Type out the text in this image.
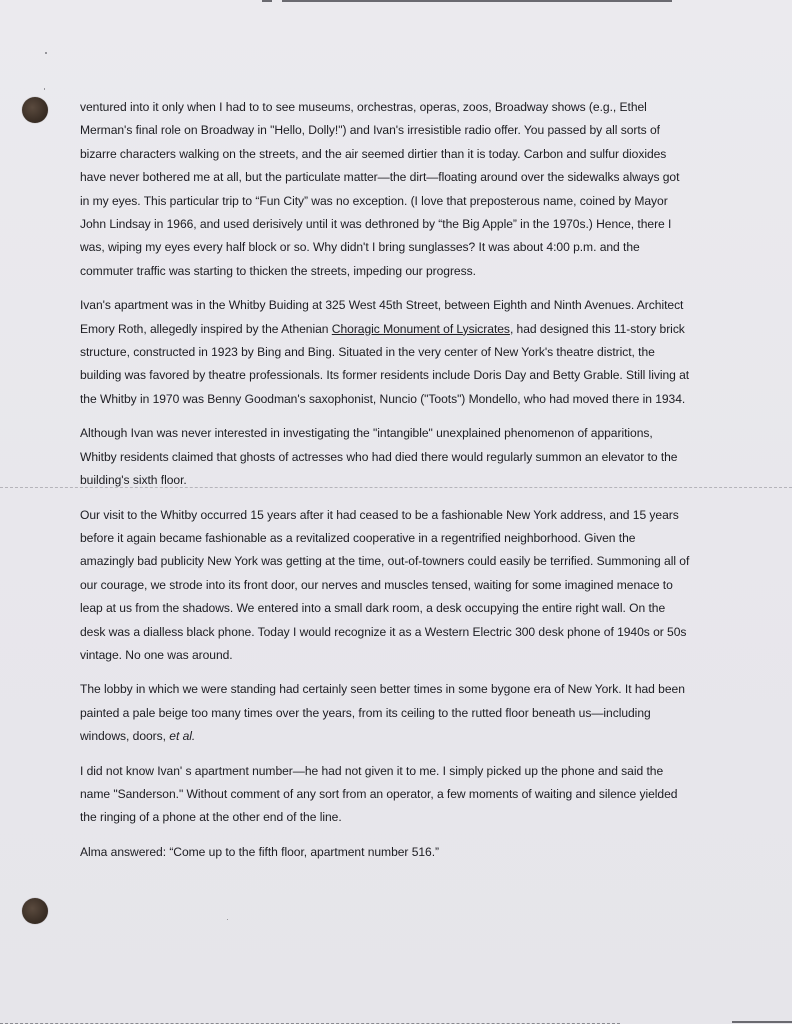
ventured into it only when I had to to see museums, orchestras, operas, zoos, Broadway shows (e.g., Ethel Merman's final role on Broadway in "Hello, Dolly!") and Ivan's irresistible radio offer. You passed by all sorts of bizarre characters walking on the streets, and the air seemed dirtier than it is today. Carbon and sulfur dioxides have never bothered me at all, but the particulate matter—the dirt—floating around over the sidewalks always got in my eyes. This particular trip to “Fun City” was no exception. (I love that preposterous name, coined by Mayor John Lindsay in 1966, and used derisively until it was dethroned by “the Big Apple” in the 1970s.) Hence, there I was, wiping my eyes every half block or so. Why didn't I bring sunglasses? It was about 4:00 p.m. and the commuter traffic was starting to thicken the streets, impeding our progress.

Ivan's apartment was in the Whitby Buiding at 325 West 45th Street, between Eighth and Ninth Avenues. Architect Emory Roth, allegedly inspired by the Athenian Choragic Monument of Lysicrates, had designed this 11-story brick structure, constructed in 1923 by Bing and Bing. Situated in the very center of New York's theatre district, the building was favored by theatre professionals. Its former residents include Doris Day and Betty Grable. Still living at the Whitby in 1970 was Benny Goodman's saxophonist, Nuncio ("Toots") Mondello, who had moved there in 1934.

Although Ivan was never interested in investigating the "intangible" unexplained phenomenon of apparitions, Whitby residents claimed that ghosts of actresses who had died there would regularly summon an elevator to the building's sixth floor.

Our visit to the Whitby occurred 15 years after it had ceased to be a fashionable New York address, and 15 years before it again became fashionable as a revitalized cooperative in a regentrified neighborhood. Given the amazingly bad publicity New York was getting at the time, out-of-towners could easily be terrified. Summoning all of our courage, we strode into its front door, our nerves and muscles tensed, waiting for some imagined menace to leap at us from the shadows. We entered into a small dark room, a desk occupying the entire right wall. On the desk was a dialless black phone. Today I would recognize it as a Western Electric 300 desk phone of 1940s or 50s vintage. No one was around.

The lobby in which we were standing had certainly seen better times in some bygone era of New York. It had been painted a pale beige too many times over the years, from its ceiling to the rutted floor beneath us—including windows, doors, et al.

I did not know Ivan' s apartment number—he had not given it to me. I simply picked up the phone and said the name "Sanderson." Without comment of any sort from an operator, a few moments of waiting and silence yielded the ringing of a phone at the other end of the line.

Alma answered: “Come up to the fifth floor, apartment number 516.”
